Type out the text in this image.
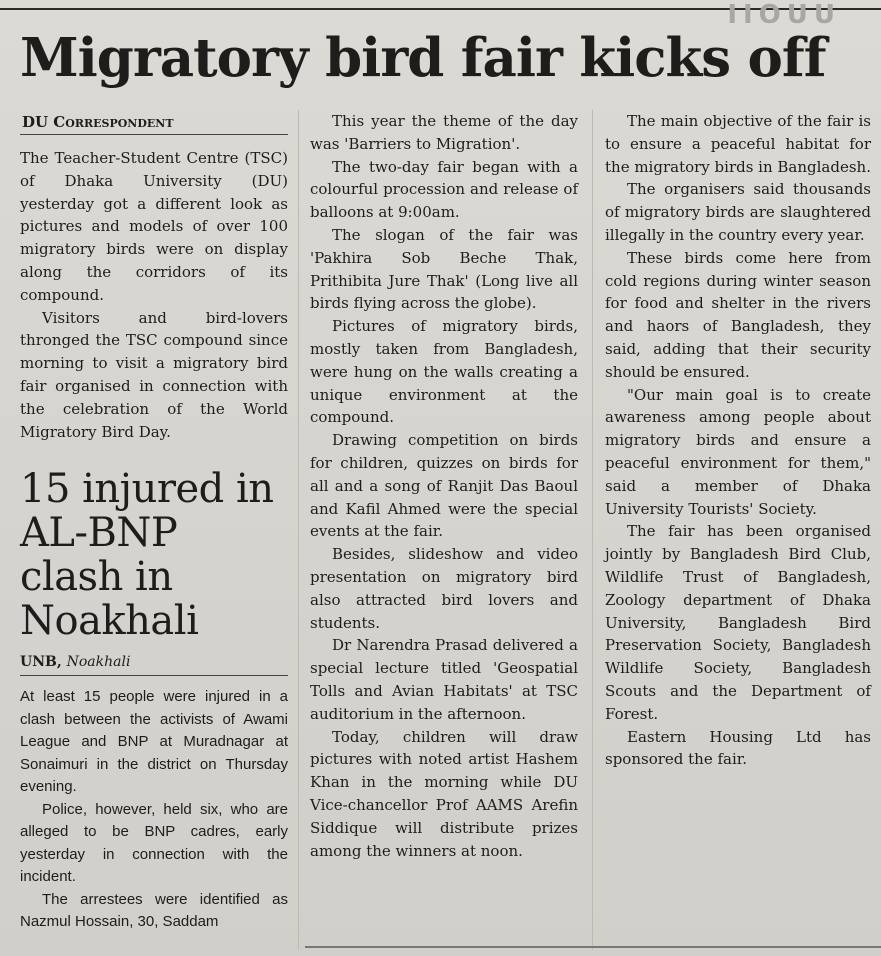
IIOUU
Migratory bird fair kicks off
DU Correspondent

The Teacher-Student Centre (TSC) of Dhaka University (DU) yesterday got a different look as pictures and models of over 100 migratory birds were on display along the corridors of its compound.

Visitors and bird-lovers thronged the TSC compound since morning to visit a migratory bird fair organised in connection with the celebration of the World Migratory Bird Day.

15 injured in AL-BNP clash in Noakhali
UNB, Noakhali

At least 15 people were injured in a clash between the activists of Awami League and BNP at Muradnagar at Sonaimuri in the district on Thursday evening.

Police, however, held six, who are alleged to be BNP cadres, early yesterday in connection with the incident.

The arrestees were identified as Nazmul Hossain, 30, Saddam

This year the theme of the day was 'Barriers to Migration'.

The two-day fair began with a colourful procession and release of balloons at 9:00am.

The slogan of the fair was 'Pakhira Sob Beche Thak, Prithibita Jure Thak' (Long live all birds flying across the globe).

Pictures of migratory birds, mostly taken from Bangladesh, were hung on the walls creating a unique environment at the compound.

Drawing competition on birds for children, quizzes on birds for all and a song of Ranjit Das Baoul and Kafil Ahmed were the special events at the fair.

Besides, slideshow and video presentation on migratory bird also attracted bird lovers and students.

Dr Narendra Prasad delivered a special lecture titled 'Geospatial Tolls and Avian Habitats' at TSC auditorium in the afternoon.

Today, children will draw pictures with noted artist Hashem Khan in the morning while DU Vice-chancellor Prof AAMS Arefin Siddique will distribute prizes among the winners at noon.

The main objective of the fair is to ensure a peaceful habitat for the migratory birds in Bangladesh.

The organisers said thousands of migratory birds are slaughtered illegally in the country every year.

These birds come here from cold regions during winter season for food and shelter in the rivers and haors of Bangladesh, they said, adding that their security should be ensured.

"Our main goal is to create awareness among people about migratory birds and ensure a peaceful environment for them," said a member of Dhaka University Tourists' Society.

The fair has been organised jointly by Bangladesh Bird Club, Wildlife Trust of Bangladesh, Zoology department of Dhaka University, Bangladesh Bird Preservation Society, Bangladesh Wildlife Society, Bangladesh Scouts and the Department of Forest.

Eastern Housing Ltd has sponsored the fair.
